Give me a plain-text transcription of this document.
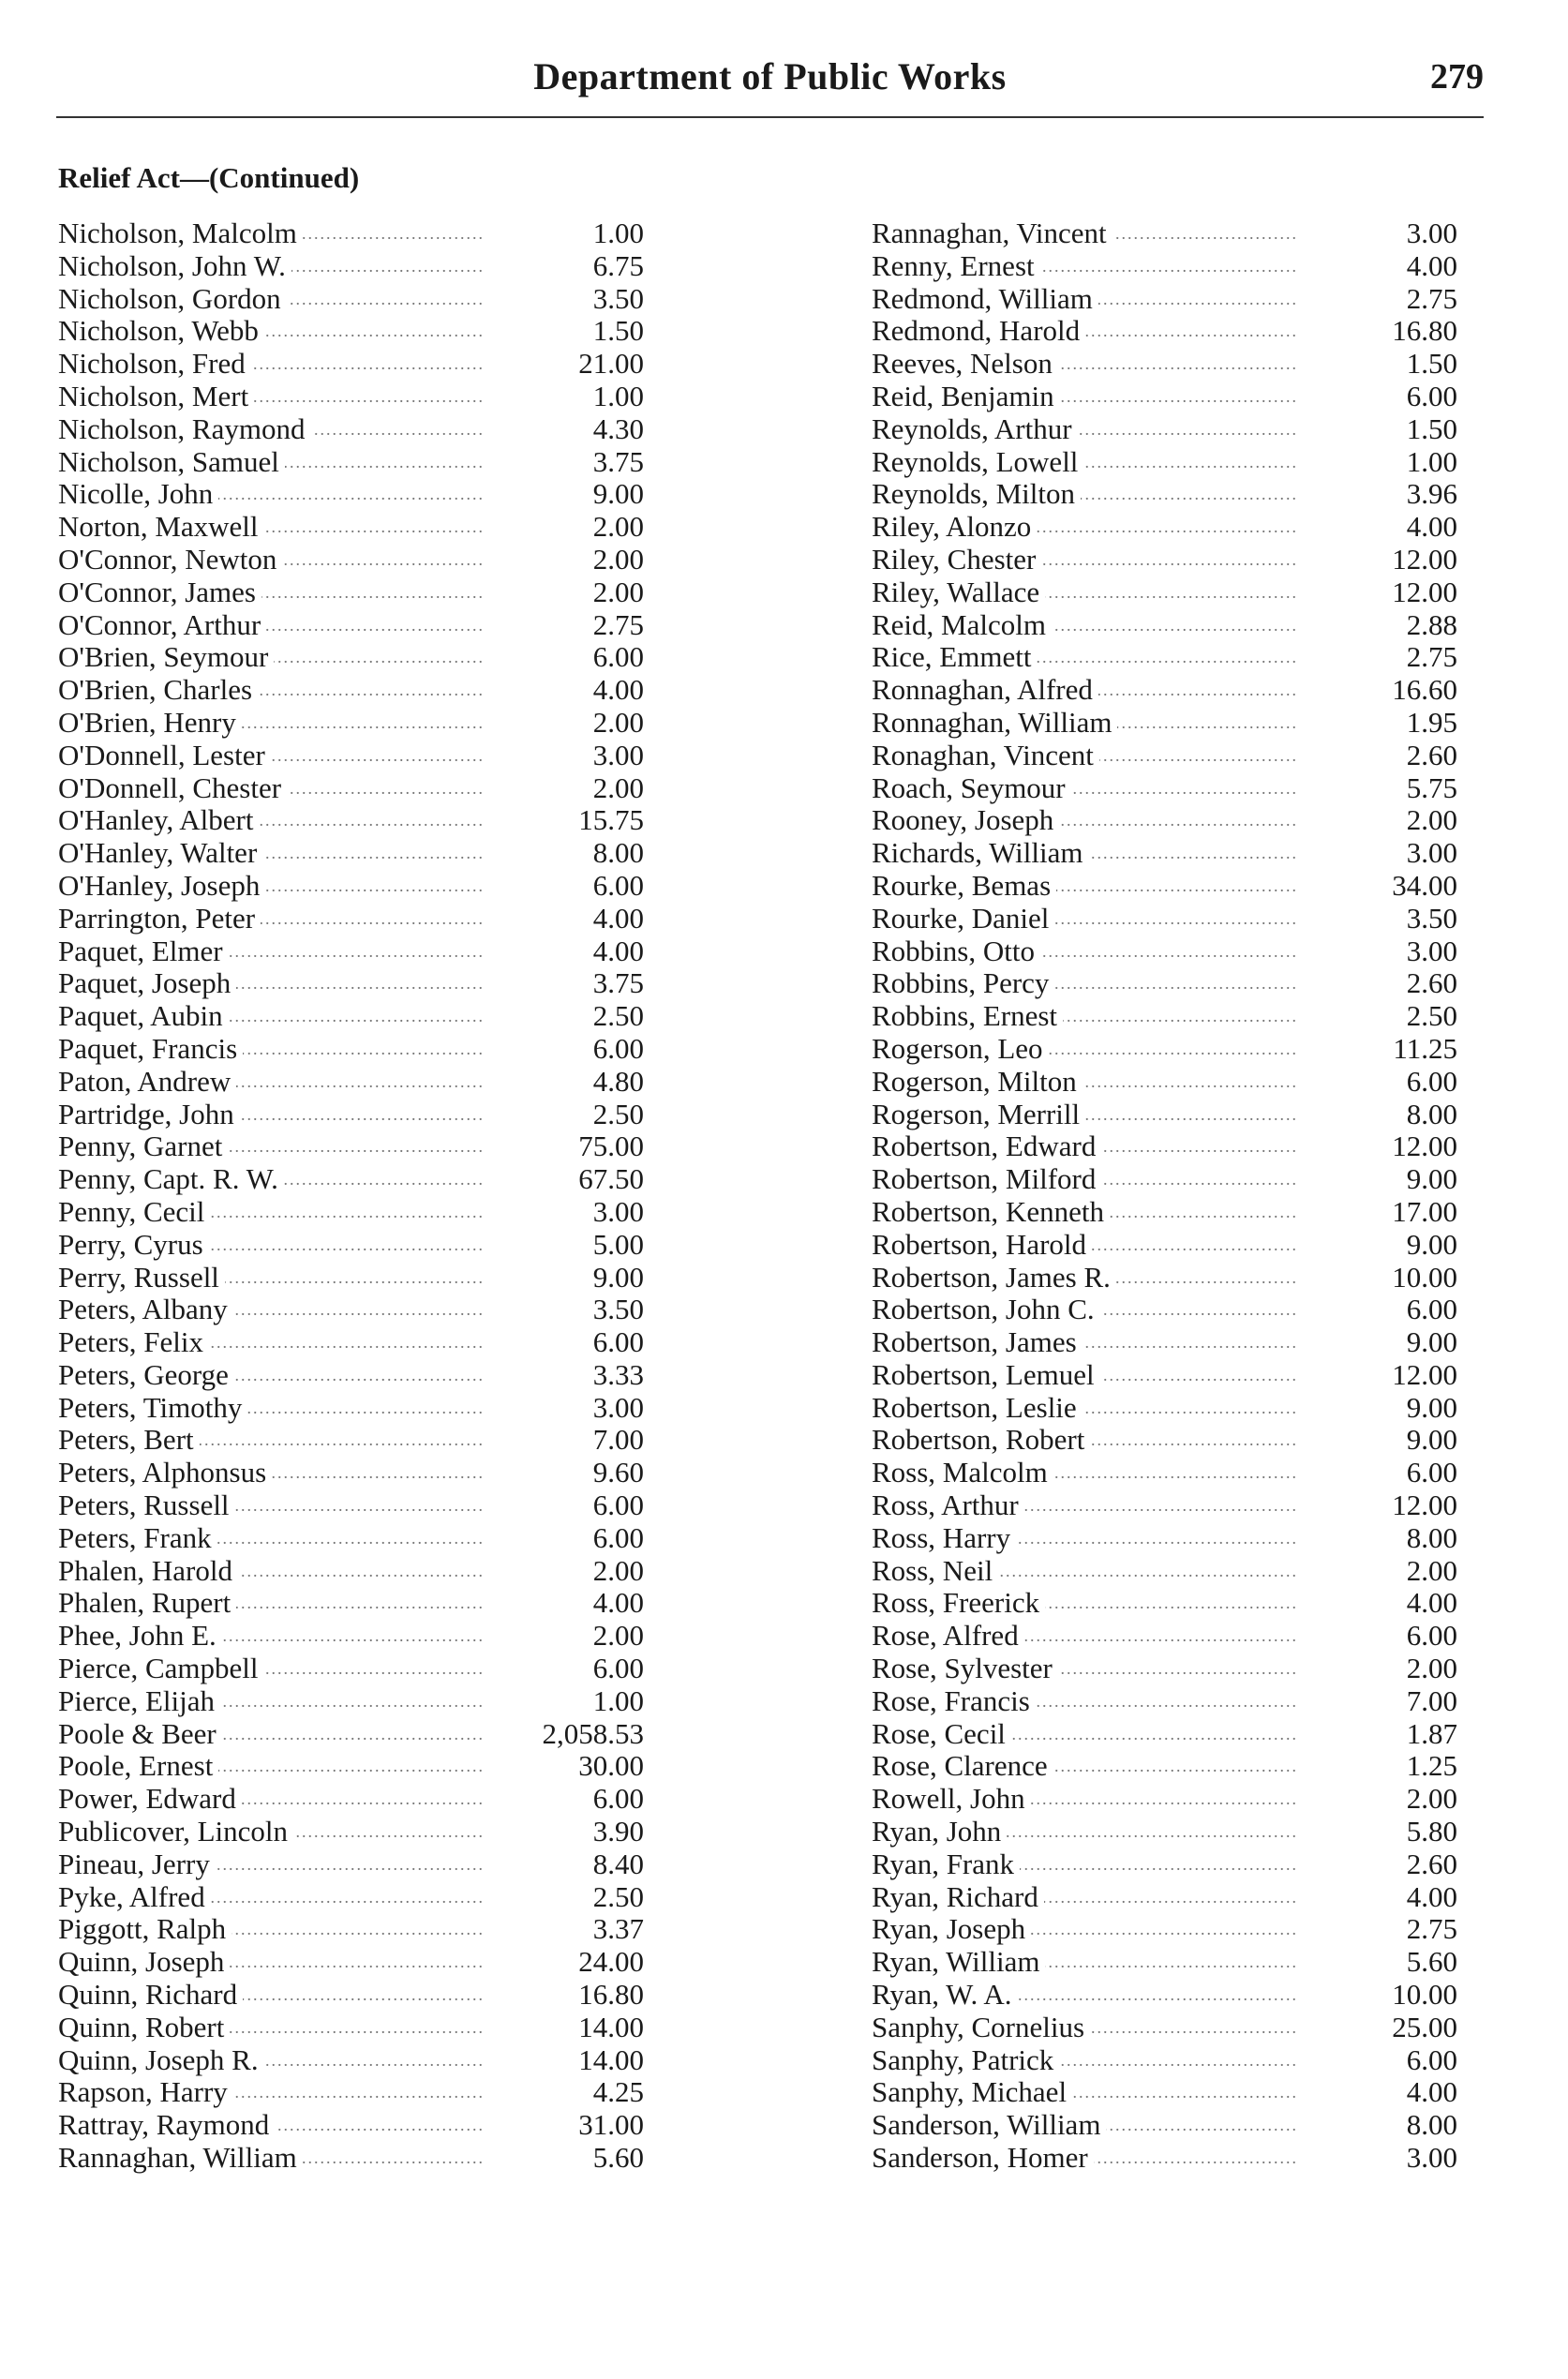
Department of Public Works	279
Relief Act—(Continued)
.....
Nicholson, Malcolm	1.00
.....
Nicholson, John W.	6.75
.....
Nicholson, Gordon	3.50
.....
Nicholson, Webb	1.50
.....
Nicholson, Fred	21.00
.....
Nicholson, Mert	1.00
.....
Nicholson, Raymond	4.30
.....
Nicholson, Samuel	3.75
.....
Nicolle, John	9.00
.....
Norton, Maxwell	2.00
.....
O'Connor, Newton	2.00
.....
O'Connor, James	2.00
.....
O'Connor, Arthur	2.75
.....
O'Brien, Seymour	6.00
.....
O'Brien, Charles	4.00
.....
O'Brien, Henry	2.00
.....
O'Donnell, Lester	3.00
.....
O'Donnell, Chester	2.00
.....
O'Hanley, Albert	15.75
.....
O'Hanley, Walter	8.00
.....
O'Hanley, Joseph	6.00
.....
Parrington, Peter	4.00
.....
Paquet, Elmer	4.00
.....
Paquet, Joseph	3.75
.....
Paquet, Aubin	2.50
.....
Paquet, Francis	6.00
.....
Paton, Andrew	4.80
.....
Partridge, John	2.50
.....
Penny, Garnet	75.00
.....
Penny, Capt. R. W.	67.50
.....
Penny, Cecil	3.00
.....
Perry, Cyrus	5.00
.....
Perry, Russell	9.00
.....
Peters, Albany	3.50
.....
Peters, Felix	6.00
.....
Peters, George	3.33
.....
Peters, Timothy	3.00
.....
Peters, Bert	7.00
.....
Peters, Alphonsus	9.60
.....
Peters, Russell	6.00
.....
Peters, Frank	6.00
.....
Phalen, Harold	2.00
.....
Phalen, Rupert	4.00
.....
Phee, John E.	2.00
.....
Pierce, Campbell	6.00
.....
Pierce, Elijah	1.00
.....
Poole & Beer	2,058.53
.....
Poole, Ernest	30.00
.....
Power, Edward	6.00
.....
Publicover, Lincoln	3.90
.....
Pineau, Jerry	8.40
.....
Pyke, Alfred	2.50
.....
Piggott, Ralph	3.37
.....
Quinn, Joseph	24.00
.....
Quinn, Richard	16.80
.....
Quinn, Robert	14.00
.....
Quinn, Joseph R.	14.00
.....
Rapson, Harry	4.25
.....
Rattray, Raymond	31.00
.....
Rannaghan, William	5.60
.....
Rannaghan, Vincent	3.00
.....
Renny, Ernest	4.00
.....
Redmond, William	2.75
.....
Redmond, Harold	16.80
.....
Reeves, Nelson	1.50
.....
Reid, Benjamin	6.00
.....
Reynolds, Arthur	1.50
.....
Reynolds, Lowell	1.00
.....
Reynolds, Milton	3.96
.....
Riley, Alonzo	4.00
.....
Riley, Chester	12.00
.....
Riley, Wallace	12.00
.....
Reid, Malcolm	2.88
.....
Rice, Emmett	2.75
.....
Ronnaghan, Alfred	16.60
.....
Ronnaghan, William	1.95
.....
Ronaghan, Vincent	2.60
.....
Roach, Seymour	5.75
.....
Rooney, Joseph	2.00
.....
Richards, William	3.00
.....
Rourke, Bemas	34.00
.....
Rourke, Daniel	3.50
.....
Robbins, Otto	3.00
.....
Robbins, Percy	2.60
.....
Robbins, Ernest	2.50
.....
Rogerson, Leo	11.25
.....
Rogerson, Milton	6.00
.....
Rogerson, Merrill	8.00
.....
Robertson, Edward	12.00
.....
Robertson, Milford	9.00
.....
Robertson, Kenneth	17.00
.....
Robertson, Harold	9.00
.....
Robertson, James R.	10.00
.....
Robertson, John C.	6.00
.....
Robertson, James	9.00
.....
Robertson, Lemuel	12.00
.....
Robertson, Leslie	9.00
.....
Robertson, Robert	9.00
.....
Ross, Malcolm	6.00
.....
Ross, Arthur	12.00
.....
Ross, Harry	8.00
.....
Ross, Neil	2.00
.....
Ross, Freerick	4.00
.....
Rose, Alfred	6.00
.....
Rose, Sylvester	2.00
.....
Rose, Francis	7.00
.....
Rose, Cecil	1.87
.....
Rose, Clarence	1.25
.....
Rowell, John	2.00
.....
Ryan, John	5.80
.....
Ryan, Frank	2.60
.....
Ryan, Richard	4.00
.....
Ryan, Joseph	2.75
.....
Ryan, William	5.60
.....
Ryan, W. A.	10.00
.....
Sanphy, Cornelius	25.00
.....
Sanphy, Patrick	6.00
.....
Sanphy, Michael	4.00
.....
Sanderson, William	8.00
.....
Sanderson, Homer	3.00
